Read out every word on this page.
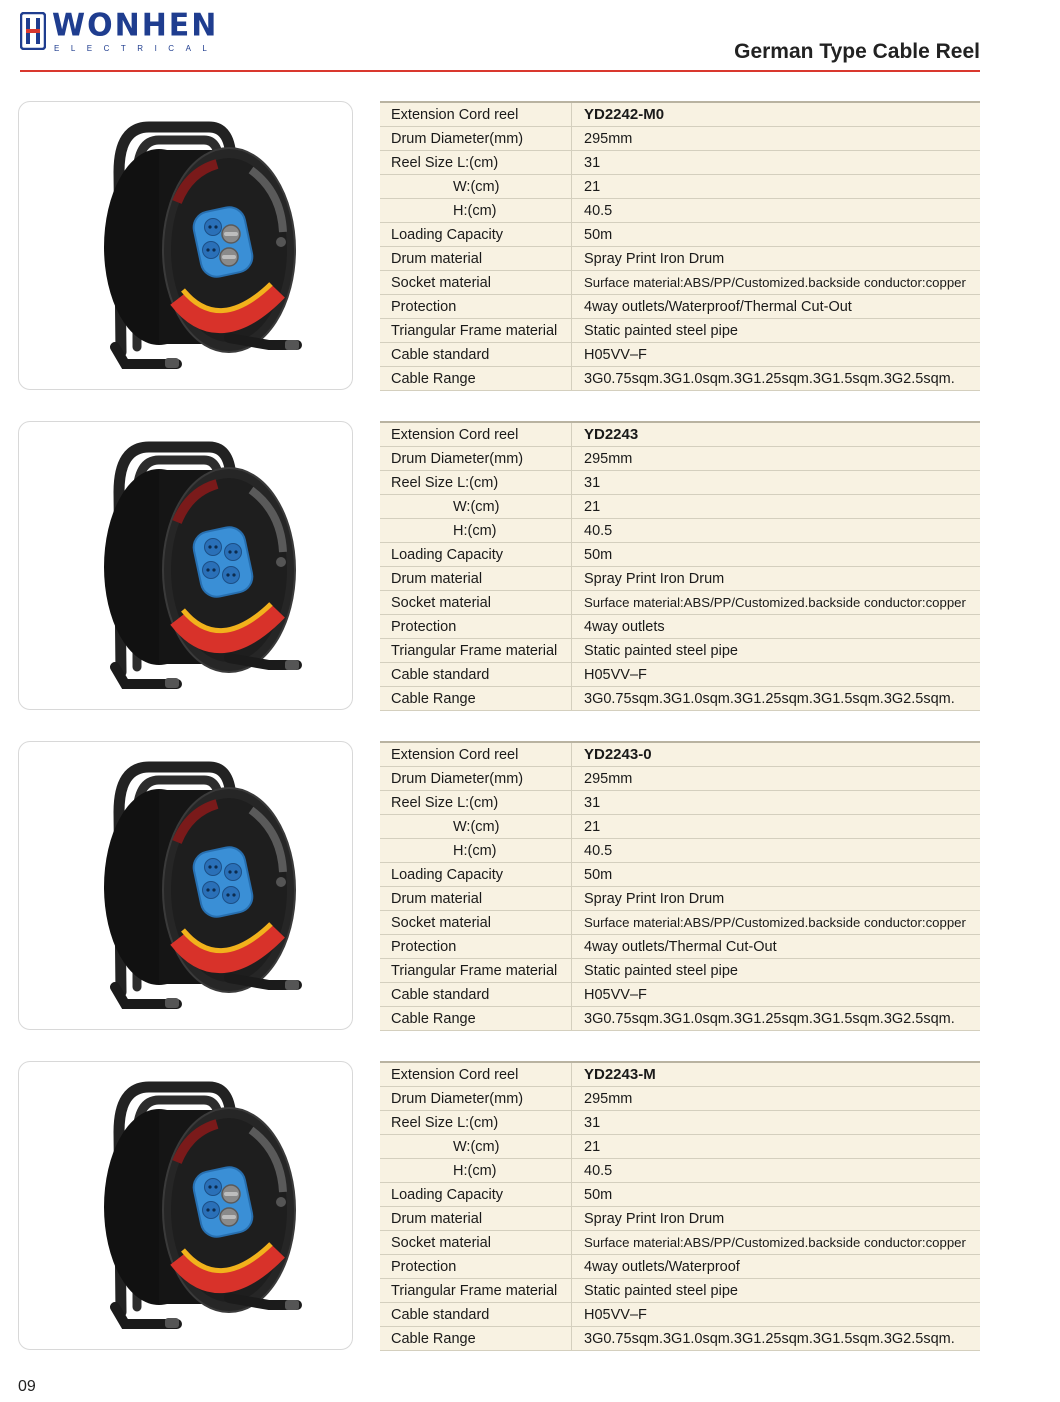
WONHEN
ELECTRICAL	German Type Cable Reel
Extension Cord reel	YD2242-M0
Drum Diameter(mm)	295mm
Reel Size L:(cm)	31
W:(cm)	21
H:(cm)	40.5
Loading Capacity	50m
Drum material	Spray Print Iron Drum
Socket material	Surface material:ABS/PP/Customized.backside conductor:copper
Protection	4way outlets/Waterproof/Thermal Cut-Out
Triangular Frame material	Static painted steel pipe
Cable standard	H05VV–F
Cable Range	3G0.75sqm.3G1.0sqm.3G1.25sqm.3G1.5sqm.3G2.5sqm.
Extension Cord reel	YD2243
Drum Diameter(mm)	295mm
Reel Size L:(cm)	31
W:(cm)	21
H:(cm)	40.5
Loading Capacity	50m
Drum material	Spray Print Iron Drum
Socket material	Surface material:ABS/PP/Customized.backside conductor:copper
Protection	4way outlets
Triangular Frame material	Static painted steel pipe
Cable standard	H05VV–F
Cable Range	3G0.75sqm.3G1.0sqm.3G1.25sqm.3G1.5sqm.3G2.5sqm.
Extension Cord reel	YD2243-0
Drum Diameter(mm)	295mm
Reel Size L:(cm)	31
W:(cm)	21
H:(cm)	40.5
Loading Capacity	50m
Drum material	Spray Print Iron Drum
Socket material	Surface material:ABS/PP/Customized.backside conductor:copper
Protection	4way outlets/Thermal Cut-Out
Triangular Frame material	Static painted steel pipe
Cable standard	H05VV–F
Cable Range	3G0.75sqm.3G1.0sqm.3G1.25sqm.3G1.5sqm.3G2.5sqm.
Extension Cord reel	YD2243-M
Drum Diameter(mm)	295mm
Reel Size L:(cm)	31
W:(cm)	21
H:(cm)	40.5
Loading Capacity	50m
Drum material	Spray Print Iron Drum
Socket material	Surface material:ABS/PP/Customized.backside conductor:copper
Protection	4way outlets/Waterproof
Triangular Frame material	Static painted steel pipe
Cable standard	H05VV–F
Cable Range	3G0.75sqm.3G1.0sqm.3G1.25sqm.3G1.5sqm.3G2.5sqm.
09
